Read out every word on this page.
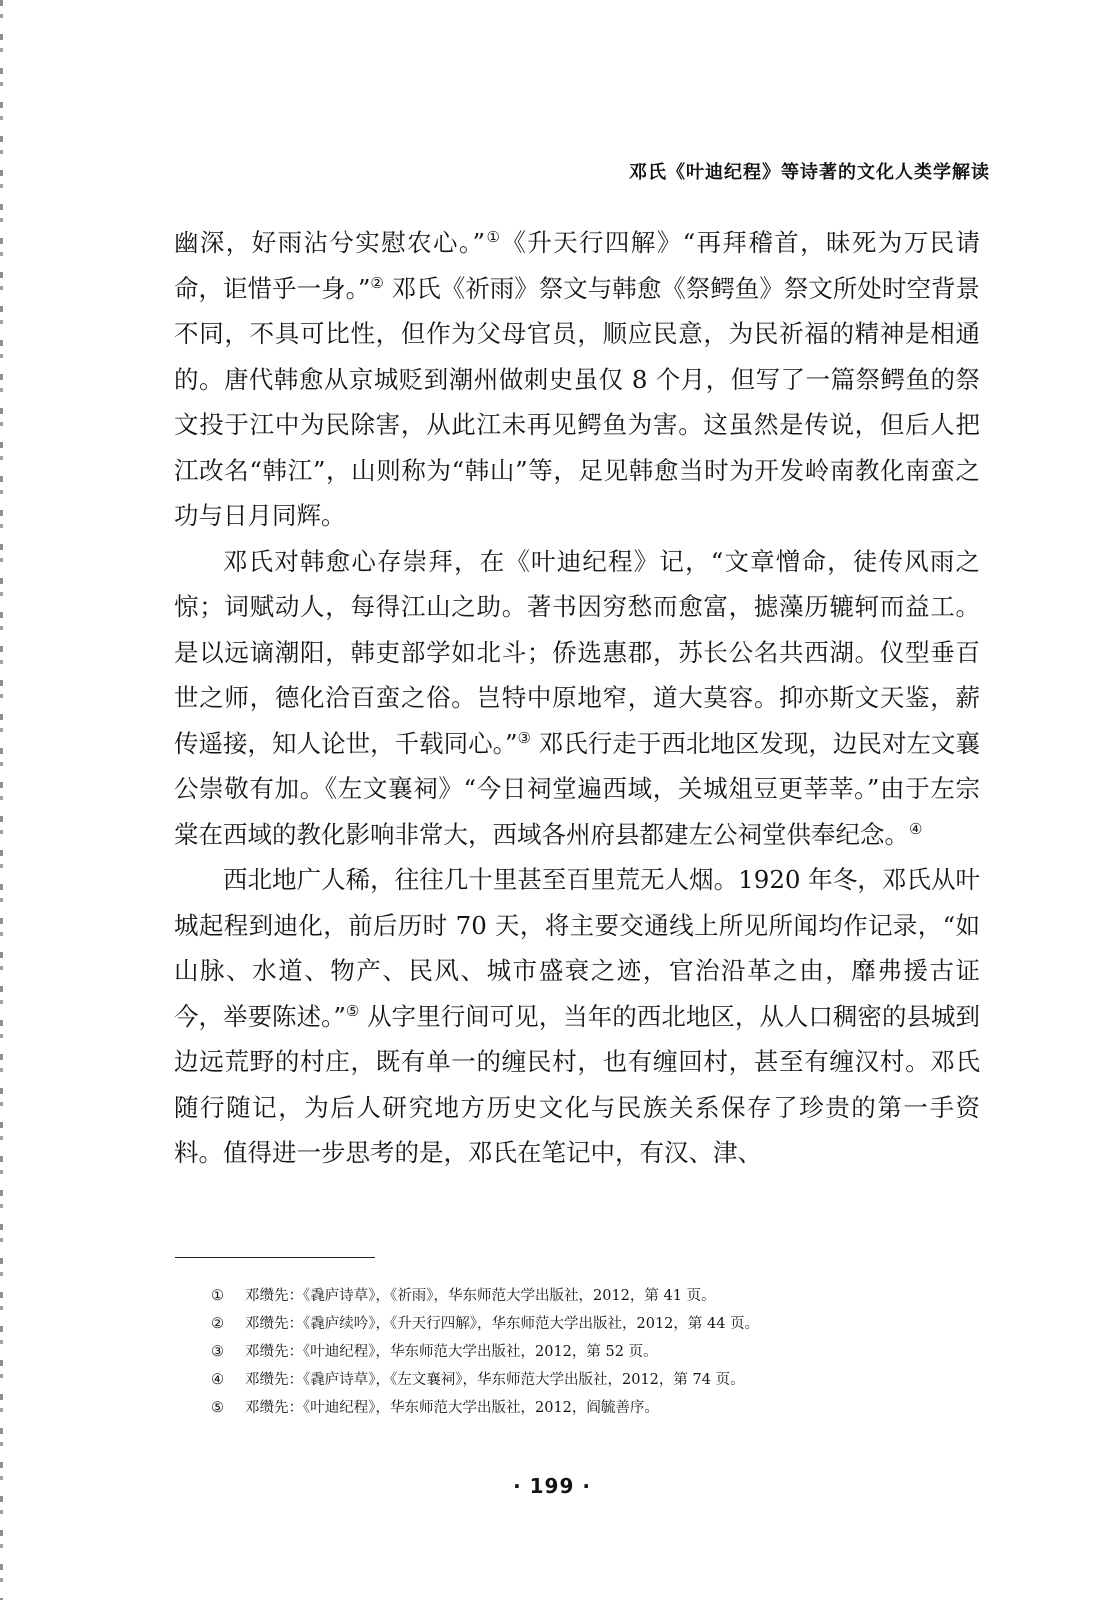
邓氏《叶迪纪程》等诗著的文化人类学解读

幽深，好雨沾兮实慰农心。”①《升天行四解》“再拜稽首，昧死为万民请命，讵惜乎一身。”② 邓氏《祈雨》祭文与韩愈《祭鳄鱼》祭文所处时空背景不同，不具可比性，但作为父母官员，顺应民意，为民祈福的精神是相通的。唐代韩愈从京城贬到潮州做刺史虽仅 8 个月，但写了一篇祭鳄鱼的祭文投于江中为民除害，从此江未再见鳄鱼为害。这虽然是传说，但后人把江改名“韩江”，山则称为“韩山”等，足见韩愈当时为开发岭南教化南蛮之功与日月同辉。

邓氏对韩愈心存崇拜，在《叶迪纪程》记，“文章憎命，徒传风雨之惊；词赋动人，每得江山之助。著书因穷愁而愈富，摅藻历辘轲而益工。是以远谪潮阳，韩吏部学如北斗；侨选惠郡，苏长公名共西湖。仪型垂百世之师，德化洽百蛮之俗。岂特中原地窄，道大莫容。抑亦斯文天鉴，薪传遥接，知人论世，千载同心。”③ 邓氏行走于西北地区发现，边民对左文襄公崇敬有加。《左文襄祠》“今日祠堂遍西域，关城俎豆更莘莘。”由于左宗棠在西域的教化影响非常大，西域各州府县都建左公祠堂供奉纪念。④

西北地广人稀，往往几十里甚至百里荒无人烟。1920 年冬，邓氏从叶城起程到迪化，前后历时 70 天，将主要交通线上所见所闻均作记录，“如山脉、水道、物产、民风、城市盛衰之迹，官治沿革之由，靡弗援古证今，举要陈述。”⑤ 从字里行间可见，当年的西北地区，从人口稠密的县城到边远荒野的村庄，既有单一的缠民村，也有缠回村，甚至有缠汉村。邓氏随行随记，为后人研究地方历史文化与民族关系保存了珍贵的第一手资料。值得进一步思考的是，邓氏在笔记中，有汉、津、

①	邓缵先：《毳庐诗草》，《祈雨》，华东师范大学出版社，2012，第 41 页。
②	邓缵先：《毳庐续吟》，《升天行四解》，华东师范大学出版社，2012，第 44 页。
③	邓缵先：《叶迪纪程》，华东师范大学出版社，2012，第 52 页。
④	邓缵先：《毳庐诗草》，《左文襄祠》，华东师范大学出版社，2012，第 74 页。
⑤	邓缵先：《叶迪纪程》，华东师范大学出版社，2012，阎毓善序。
· 199 ·
